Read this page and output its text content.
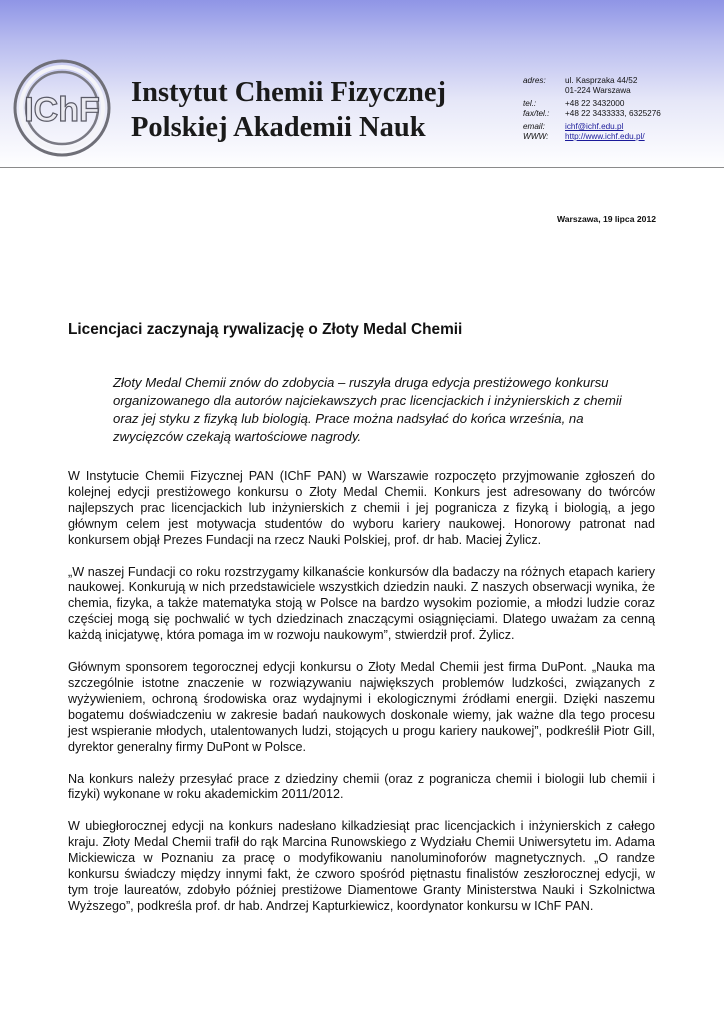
IChF Instytut Chemii Fizycznej
Polskiej Akademii Nauk
adres:	ul. Kasprzaka 44/52
01-224 Warszawa
tel.:	+48 22 3432000
fax/tel.:	+48 22 3433333, 6325276
email:	ichf@ichf.edu.pl
WWW:	http://www.ichf.edu.pl/
Warszawa, 19 lipca 2012
Licencjaci zaczynają rywalizację o Złoty Medal Chemii

Złoty Medal Chemii znów do zdobycia – ruszyła druga edycja prestiżowego konkursu organizowanego dla autorów najciekawszych prac licencjackich i inżynierskich z chemii oraz jej styku z fizyką lub biologią. Prace można nadsyłać do końca września, na zwycięzców czekają wartościowe nagrody.

W Instytucie Chemii Fizycznej PAN (IChF PAN) w Warszawie rozpoczęto przyjmowanie zgłoszeń do kolejnej edycji prestiżowego konkursu o Złoty Medal Chemii. Konkurs jest adresowany do twórców najlepszych prac licencjackich lub inżynierskich z chemii i jej pogranicza z fizyką i biologią, a jego głównym celem jest motywacja studentów do wyboru kariery naukowej. Honorowy patronat nad konkursem objął Prezes Fundacji na rzecz Nauki Polskiej, prof. dr hab. Maciej Żylicz.

„W naszej Fundacji co roku rozstrzygamy kilkanaście konkursów dla badaczy na różnych etapach kariery naukowej. Konkurują w nich przedstawiciele wszystkich dziedzin nauki. Z naszych obserwacji wynika, że chemia, fizyka, a także matematyka stoją w Polsce na bardzo wysokim poziomie, a młodzi ludzie coraz częściej mogą się pochwalić w tych dziedzinach znaczącymi osiągnięciami. Dlatego uważam za cenną każdą inicjatywę, która pomaga im w rozwoju naukowym”, stwierdził prof. Żylicz.

Głównym sponsorem tegorocznej edycji konkursu o Złoty Medal Chemii jest firma DuPont. „Nauka ma szczególnie istotne znaczenie w rozwiązywaniu największych problemów ludzkości, związanych z wyżywieniem, ochroną środowiska oraz wydajnymi i ekologicznymi źródłami energii. Dzięki naszemu bogatemu doświadczeniu w zakresie badań naukowych doskonale wiemy, jak ważne dla tego procesu jest wspieranie młodych, utalentowanych ludzi, stojących u progu kariery naukowej”, podkreślił Piotr Gill, dyrektor generalny firmy DuPont w Polsce.

Na konkurs należy przesyłać prace z dziedziny chemii (oraz z pogranicza chemii i biologii lub chemii i fizyki) wykonane w roku akademickim 2011/2012.

W ubiegłorocznej edycji na konkurs nadesłano kilkadziesiąt prac licencjackich i inżynierskich z całego kraju. Złoty Medal Chemii trafił do rąk Marcina Runowskiego z Wydziału Chemii Uniwersytetu im. Adama Mickiewicza w Poznaniu za pracę o modyfikowaniu nanoluminoforów magnetycznych. „O randze konkursu świadczy między innymi fakt, że czworo spośród piętnastu finalistów zeszłorocznej edycji, w tym troje laureatów, zdobyło później prestiżowe Diamentowe Granty Ministerstwa Nauki i Szkolnictwa Wyższego”, podkreśla prof. dr hab. Andrzej Kapturkiewicz, koordynator konkursu w IChF PAN.
